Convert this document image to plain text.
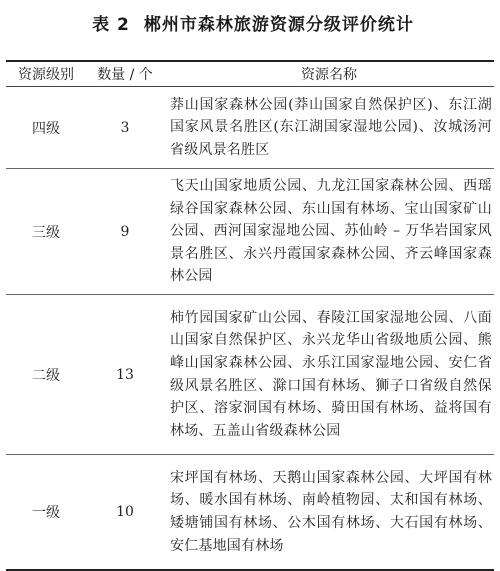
表 2 郴州市森林旅游资源分级评价统计
资源级别	数量 / 个	资源名称
四级	3	莽山国家森林公园(莽山国家自然保护区)、东江湖国家风景名胜区(东江湖国家湿地公园)、汝城汤河省级风景名胜区
三级	9	飞天山国家地质公园、九龙江国家森林公园、西瑶绿谷国家森林公园、东山国有林场、宝山国家矿山公园、西河国家湿地公园、苏仙岭 – 万华岩国家风景名胜区、永兴丹霞国家森林公园、齐云峰国家森林公园
二级	13	柿竹园国家矿山公园、春陵江国家湿地公园、八面山国家自然保护区、永兴龙华山省级地质公园、熊峰山国家森林公园、永乐江国家湿地公园、安仁省级风景名胜区、滁口国有林场、狮子口省级自然保护区、溶家洞国有林场、骑田国有林场、益将国有林场、五盖山省级森林公园
一级	10	宋坪国有林场、天鹅山国家森林公园、大坪国有林场、暖水国有林场、南岭植物园、太和国有林场、矮塘铺国有林场、公木国有林场、大石国有林场、安仁基地国有林场
